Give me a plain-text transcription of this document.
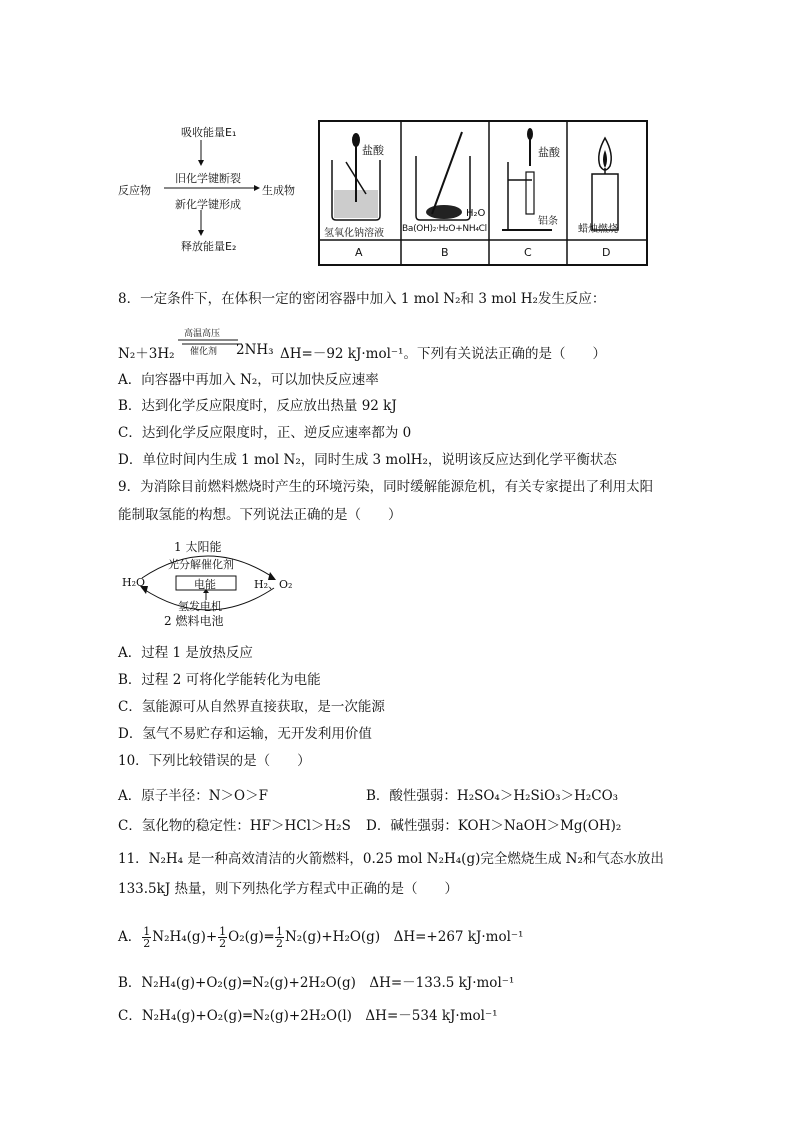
吸收能量E₁
旧化学键断裂
反应物	生成物
新化学键形成
释放能量E₂
盐酸
氢氧化钠溶液
H₂O
Ba(OH)₂·H₂O+NH₄Cl
盐酸
铝条
蜡烛燃烧
A	B	C	D
8．一定条件下，在体积一定的密闭容器中加入 1 mol N₂和 3 mol H₂发生反应：
高温高压
催化剂
N₂＋3H₂	2NH₃ ΔH=－92 kJ·mol⁻¹。下列有关说法正确的是（　　）
A．向容器中再加入 N₂，可以加快反应速率
B．达到化学反应限度时，反应放出热量 92 kJ
C．达到化学反应限度时，正、逆反应速率都为 0
D．单位时间内生成 1 mol N₂，同时生成 3 molH₂，说明该反应达到化学平衡状态
9．为消除目前燃料燃烧时产生的环境污染，同时缓解能源危机，有关专家提出了利用太阳
能制取氢能的构想。下列说法正确的是（　　）
1 太阳能
光分解催化剂
H₂O	电能	H₂、O₂
氢发电机
2 燃料电池
A．过程 1 是放热反应
B．过程 2 可将化学能转化为电能
C．氢能源可从自然界直接获取，是一次能源
D．氢气不易贮存和运输，无开发利用价值
10．下列比较错误的是（　　）
A．原子半径：N＞O＞F	B．酸性强弱：H₂SO₄＞H₂SiO₃＞H₂CO₃
C．氢化物的稳定性：HF＞HCl＞H₂S D．碱性强弱：KOH＞NaOH＞Mg(OH)₂
11．N₂H₄ 是一种高效清洁的火箭燃料，0.25 mol N₂H₄(g)完全燃烧生成 N₂和气态水放出
133.5kJ 热量，则下列热化学方程式中正确的是（　　）
A． $\frac{1}{2} N_2H_4(g)+ \frac{1}{2}$ O₂(g)═ $\frac{1}{2} N_2(g)+H_2O(g)$　ΔH=+267 kJ·mol⁻¹
B．N₂H₄(g)+O₂(g)═N₂(g)+2H₂O(g)　ΔH=－133.5 kJ·mol⁻¹
C．N₂H₄(g)+O₂(g)═N₂(g)+2H₂O(l)　ΔH=－534 kJ·mol⁻¹
